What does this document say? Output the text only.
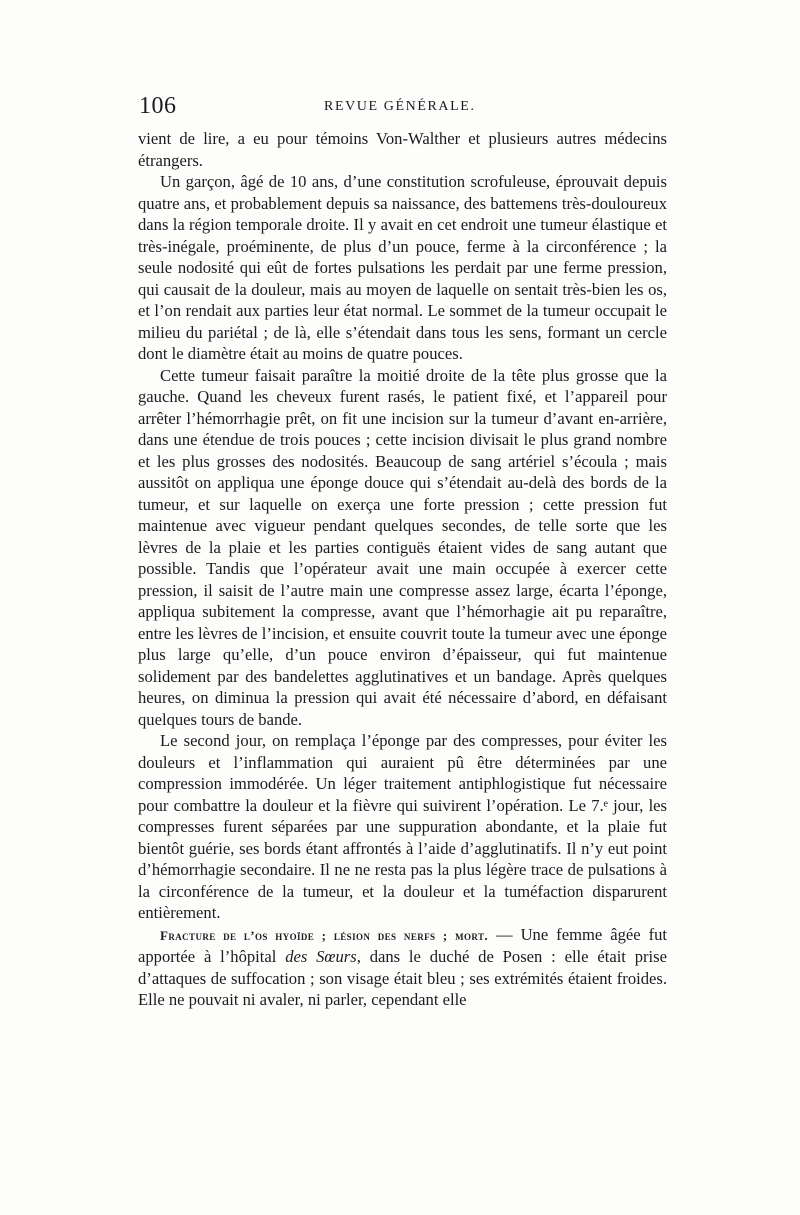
106	REVUE GÉNÉRALE.

vient de lire, a eu pour témoins Von-Walther et plusieurs autres médecins étrangers.

Un garçon, âgé de 10 ans, d’une constitution scrofuleuse, éprouvait depuis quatre ans, et probablement depuis sa naissance, des battemens très-douloureux dans la région temporale droite. Il y avait en cet endroit une tumeur élastique et très-inégale, proéminente, de plus d’un pouce, ferme à la circonférence ; la seule nodosité qui eût de fortes pulsations les perdait par une ferme pression, qui causait de la douleur, mais au moyen de laquelle on sentait très-bien les os, et l’on rendait aux parties leur état normal. Le sommet de la tumeur occupait le milieu du pariétal ; de là, elle s’étendait dans tous les sens, formant un cercle dont le diamètre était au moins de quatre pouces.

Cette tumeur faisait paraître la moitié droite de la tête plus grosse que la gauche. Quand les cheveux furent rasés, le patient fixé, et l’appareil pour arrêter l’hémorrhagie prêt, on fit une incision sur la tumeur d’avant en-arrière, dans une étendue de trois pouces ; cette incision divisait le plus grand nombre et les plus grosses des nodosités. Beaucoup de sang artériel s’écoula ; mais aussitôt on appliqua une éponge douce qui s’étendait au-delà des bords de la tumeur, et sur laquelle on exerça une forte pression ; cette pression fut maintenue avec vigueur pendant quelques secondes, de telle sorte que les lèvres de la plaie et les parties contiguës étaient vides de sang autant que possible. Tandis que l’opérateur avait une main occupée à exercer cette pression, il saisit de l’autre main une compresse assez large, écarta l’éponge, appliqua subitement la compresse, avant que l’hémorhagie ait pu reparaître, entre les lèvres de l’incision, et ensuite couvrit toute la tumeur avec une éponge plus large qu’elle, d’un pouce environ d’épaisseur, qui fut maintenue solidement par des bandelettes agglutinatives et un bandage. Après quelques heures, on diminua la pression qui avait été nécessaire d’abord, en défaisant quelques tours de bande.

Le second jour, on remplaça l’éponge par des compresses, pour éviter les douleurs et l’inflammation qui auraient pû être déterminées par une compression immodérée. Un léger traitement antiphlogistique fut nécessaire pour combattre la douleur et la fièvre qui suivirent l’opération. Le 7.ᵉ jour, les compresses furent séparées par une suppuration abondante, et la plaie fut bientôt guérie, ses bords étant affrontés à l’aide d’agglutinatifs. Il n’y eut point d’hémorrhagie secondaire. Il ne ne resta pas la plus légère trace de pulsations à la circonférence de la tumeur, et la douleur et la tuméfaction disparurent entièrement.

Fracture de l’os hyoïde ; lésion des nerfs ; mort. — Une femme âgée fut apportée à l’hôpital des Sœurs, dans le duché de Posen : elle était prise d’attaques de suffocation ; son visage était bleu ; ses extrémités étaient froides. Elle ne pouvait ni avaler, ni parler, cependant elle
